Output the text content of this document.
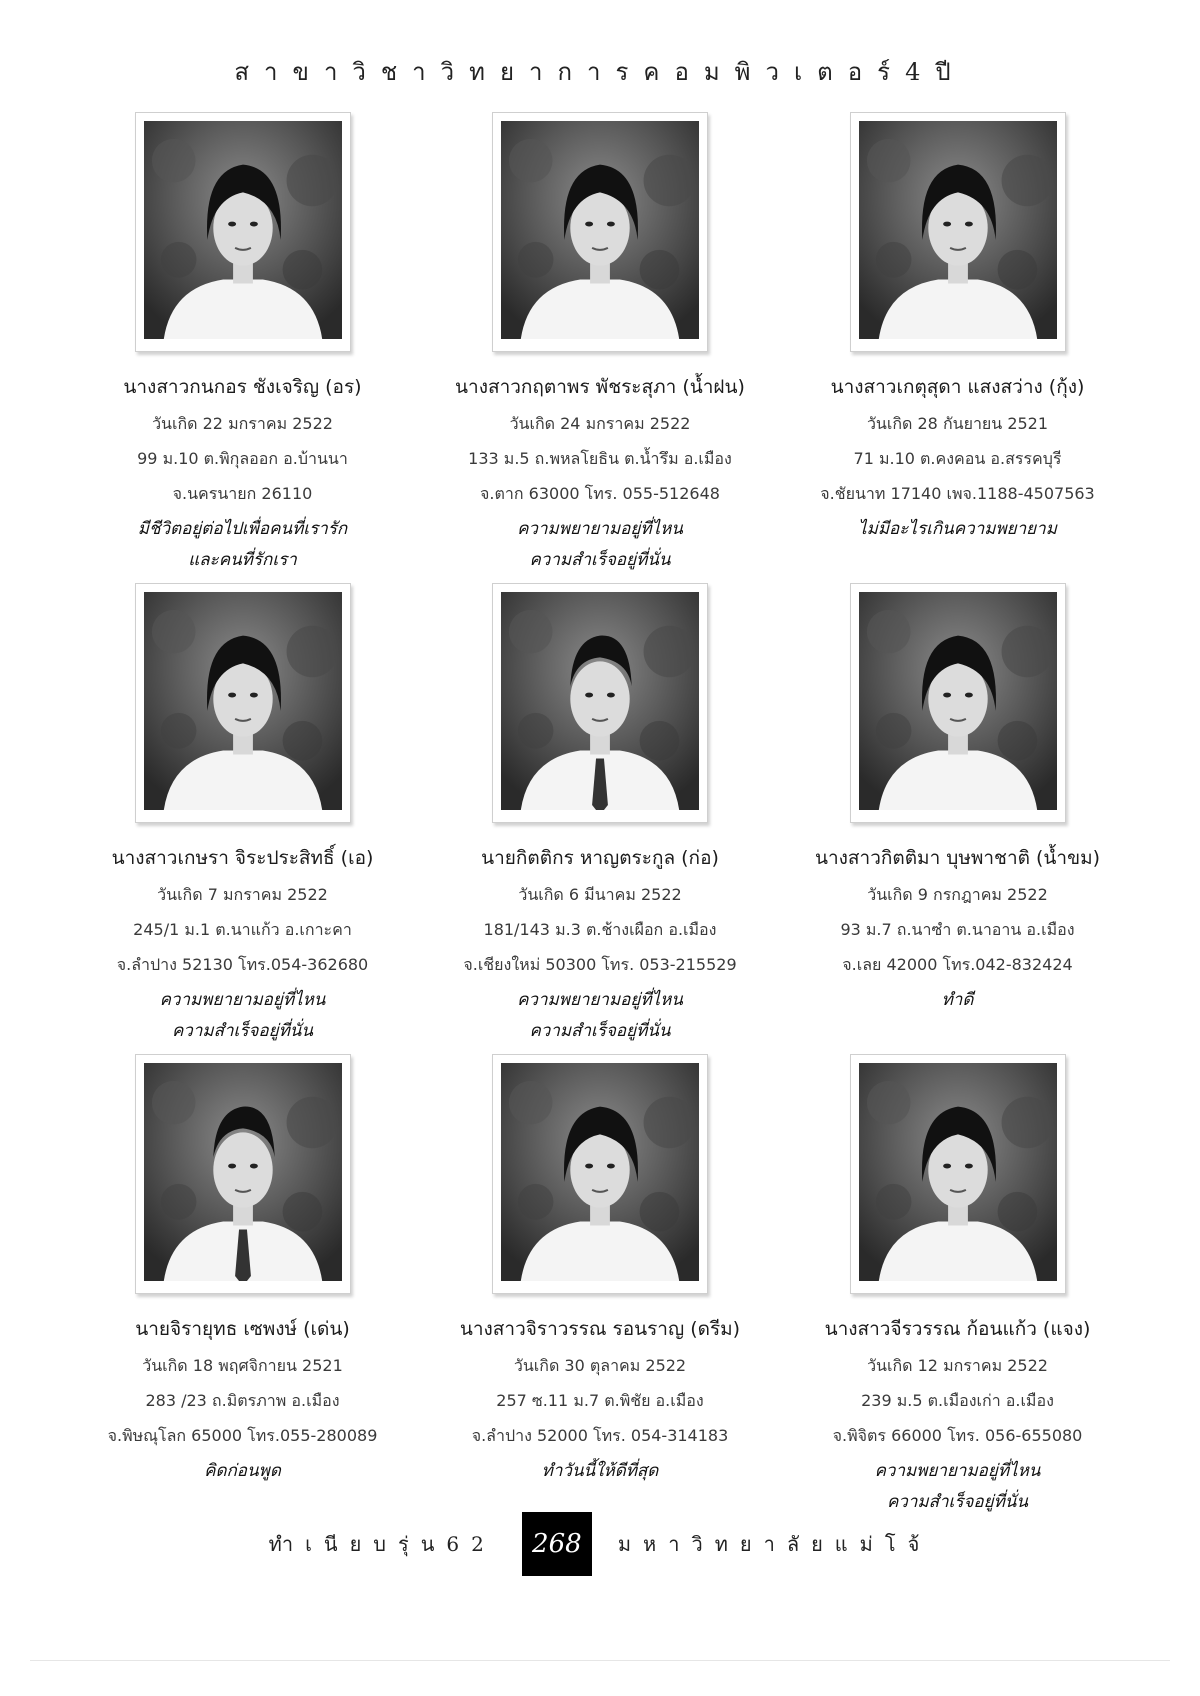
สาขาวิชาวิทยาการคอมพิวเตอร์4ปี
นางสาวกนกอร ชังเจริญ (อร)
วันเกิด 22 มกราคม 2522
99 ม.10 ต.พิกุลออก อ.บ้านนา
จ.นครนายก 26110
มีชีวิตอยู่ต่อไปเพื่อคนที่เรารัก
และคนที่รักเรา
นางสาวกฤตาพร พัชระสุภา (น้ำฝน)
วันเกิด 24 มกราคม 2522
133 ม.5 ถ.พหลโยธิน ต.น้ำรึม อ.เมือง
จ.ตาก 63000 โทร. 055-512648
ความพยายามอยู่ที่ไหน
ความสำเร็จอยู่ที่นั่น
นางสาวเกตุสุดา แสงสว่าง (กุ้ง)
วันเกิด 28 กันยายน 2521
71 ม.10 ต.คงคอน อ.สรรคบุรี
จ.ชัยนาท 17140 เพจ.1188-4507563
ไม่มีอะไรเกินความพยายาม
นางสาวเกษรา จิระประสิทธิ์ (เอ)
วันเกิด 7 มกราคม 2522
245/1 ม.1 ต.นาแก้ว อ.เกาะคา
จ.ลำปาง 52130 โทร.054-362680
ความพยายามอยู่ที่ไหน
ความสำเร็จอยู่ที่นั่น
นายกิตติกร หาญตระกูล (ก่อ)
วันเกิด 6 มีนาคม 2522
181/143 ม.3 ต.ช้างเผือก อ.เมือง
จ.เชียงใหม่ 50300 โทร. 053-215529
ความพยายามอยู่ที่ไหน
ความสำเร็จอยู่ที่นั่น
นางสาวกิตติมา บุษพาชาติ (น้ำขม)
วันเกิด 9 กรกฎาคม 2522
93 ม.7 ถ.นาซำ ต.นาอาน อ.เมือง
จ.เลย 42000 โทร.042-832424
ทำดี
นายจิรายุทธ เซพงษ์ (เด่น)
วันเกิด 18 พฤศจิกายน 2521
283 /23 ถ.มิตรภาพ อ.เมือง
จ.พิษณุโลก 65000 โทร.055-280089
คิดก่อนพูด
นางสาวจิราวรรณ รอนราญ (ดรีม)
วันเกิด 30 ตุลาคม 2522
257 ซ.11 ม.7 ต.พิชัย อ.เมือง
จ.ลำปาง 52000 โทร. 054-314183
ทำวันนี้ให้ดีที่สุด
นางสาวจีรวรรณ ก้อนแก้ว (แจง)
วันเกิด 12 มกราคม 2522
239 ม.5 ต.เมืองเก่า อ.เมือง
จ.พิจิตร 66000 โทร. 056-655080
ความพยายามอยู่ที่ไหน
ความสำเร็จอยู่ที่นั่น
ทำเนียบรุ่น62	268	มหาวิทยาลัยแม่โจ้
